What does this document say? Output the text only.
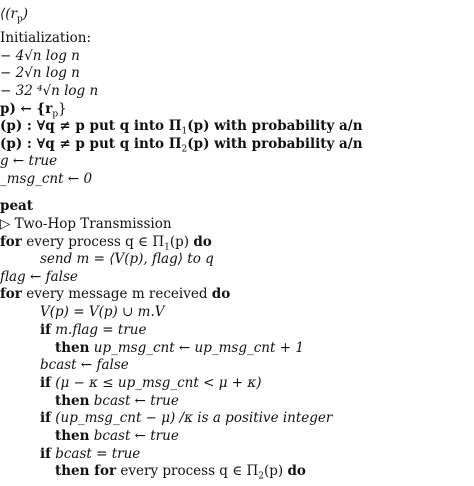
$⟨(r_p)$
Initialization:
− 4√n log n
− 2√n log n
− 32 ⁴√n log n
p) ← $\{r_p\}$
(p) : ∀q ≠ p put q into $\Pi_1(p)$ with probability a/n
(p) : ∀q ≠ p put q into $\Pi_2(p)$ with probability a/n
g ← true
_msg_cnt ← 0
peat
▷ Two-Hop Transmission
for every process q ∈ $\Pi_1(p)$ do
send m = ⟨V(p), flag⟩ to q
flag ← false
for every message m received do
V(p) = V(p) ∪ m.V
if m.flag = true
then up_msg_cnt ← up_msg_cnt + 1
bcast ← false
if (μ − κ ≤ up_msg_cnt < μ + κ)
then bcast ← true
if (up_msg_cnt − μ) /κ is a positive integer
then bcast ← true
if bcast = true
then for every process q ∈ $\Pi_2(p)$ do
